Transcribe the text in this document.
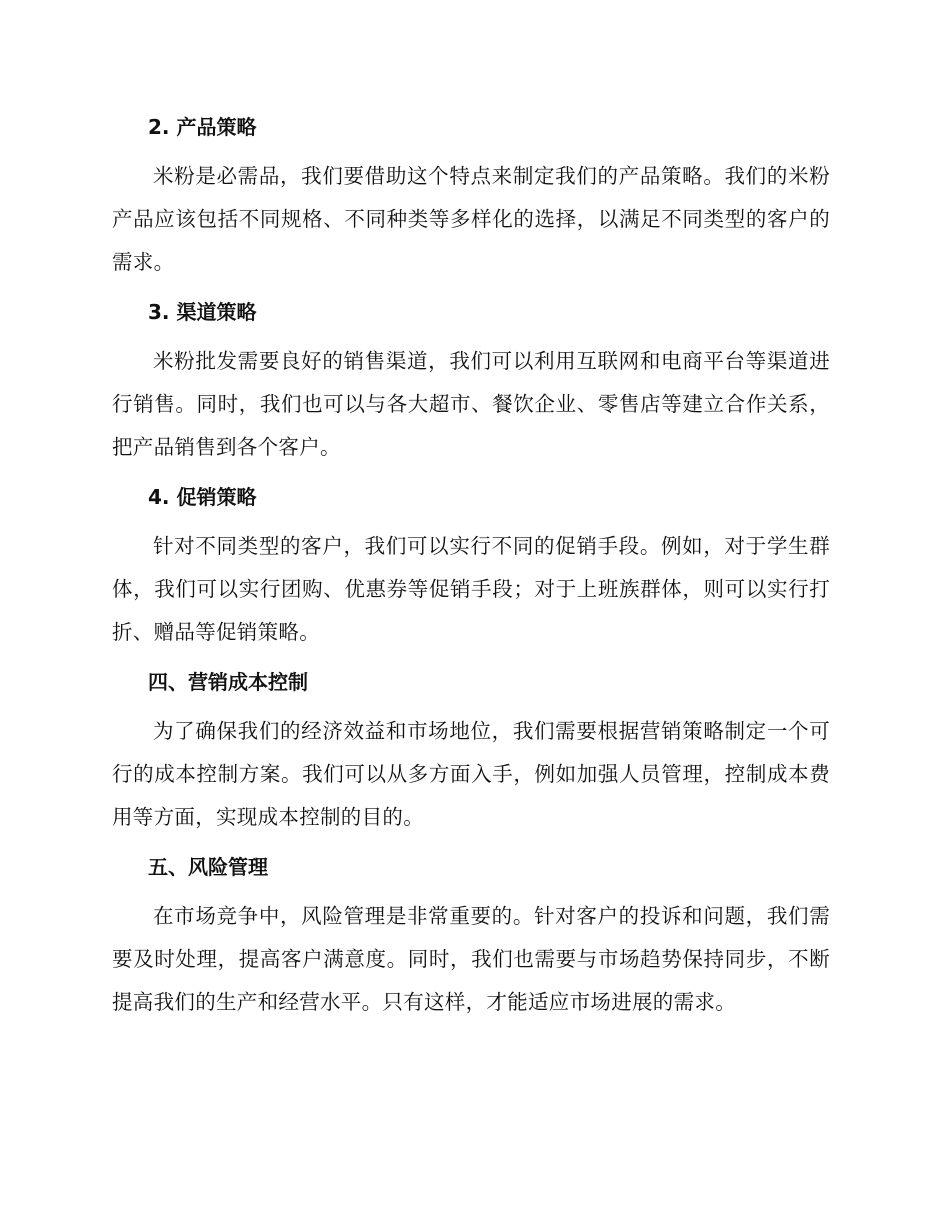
2. 产品策略

米粉是必需品，我们要借助这个特点来制定我们的产品策略。我们的米粉产品应该包括不同规格、不同种类等多样化的选择，以满足不同类型的客户的需求。

3. 渠道策略

米粉批发需要良好的销售渠道，我们可以利用互联网和电商平台等渠道进行销售。同时，我们也可以与各大超市、餐饮企业、零售店等建立合作关系，把产品销售到各个客户。

4. 促销策略

针对不同类型的客户，我们可以实行不同的促销手段。例如，对于学生群体，我们可以实行团购、优惠券等促销手段；对于上班族群体，则可以实行打折、赠品等促销策略。

四、营销成本控制

为了确保我们的经济效益和市场地位，我们需要根据营销策略制定一个可行的成本控制方案。我们可以从多方面入手，例如加强人员管理，控制成本费用等方面，实现成本控制的目的。

五、风险管理

在市场竞争中，风险管理是非常重要的。针对客户的投诉和问题，我们需要及时处理，提高客户满意度。同时，我们也需要与市场趋势保持同步，不断提高我们的生产和经营水平。只有这样，才能适应市场进展的需求。
